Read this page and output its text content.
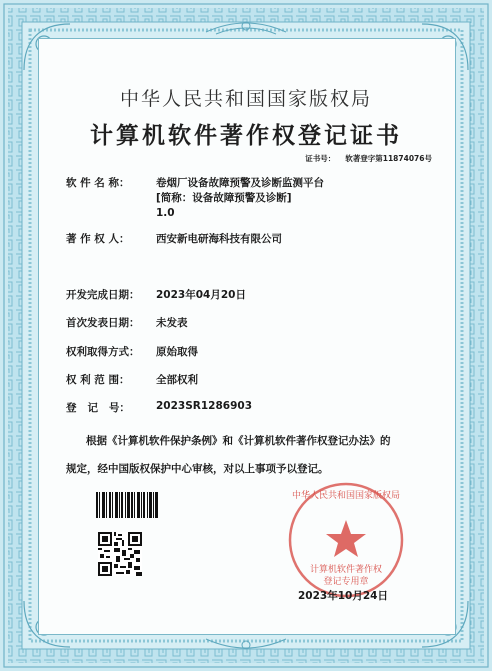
中华人民共和国国家版权局
计算机软件著作权登记证书
证书号： 软著登字第11874076号
软 件 名 称：	卷烟厂设备故障预警及诊断监测平台
[简称：设备故障预警及诊断]
1.0
著 作 权 人：	西安新电研海科技有限公司
开发完成日期： 2023年04月20日
首次发表日期： 未发表
权利取得方式： 原始取得
权 利 范 围：	全部权利
登   记   号： 2023SR1286903
根据《计算机软件保护条例》和《计算机软件著作权登记办法》的
规定，经中国版权保护中心审核，对以上事项予以登记。
中华人民共和国国家版权局
计算机软件著作权
登记专用章
2023年10月24日
